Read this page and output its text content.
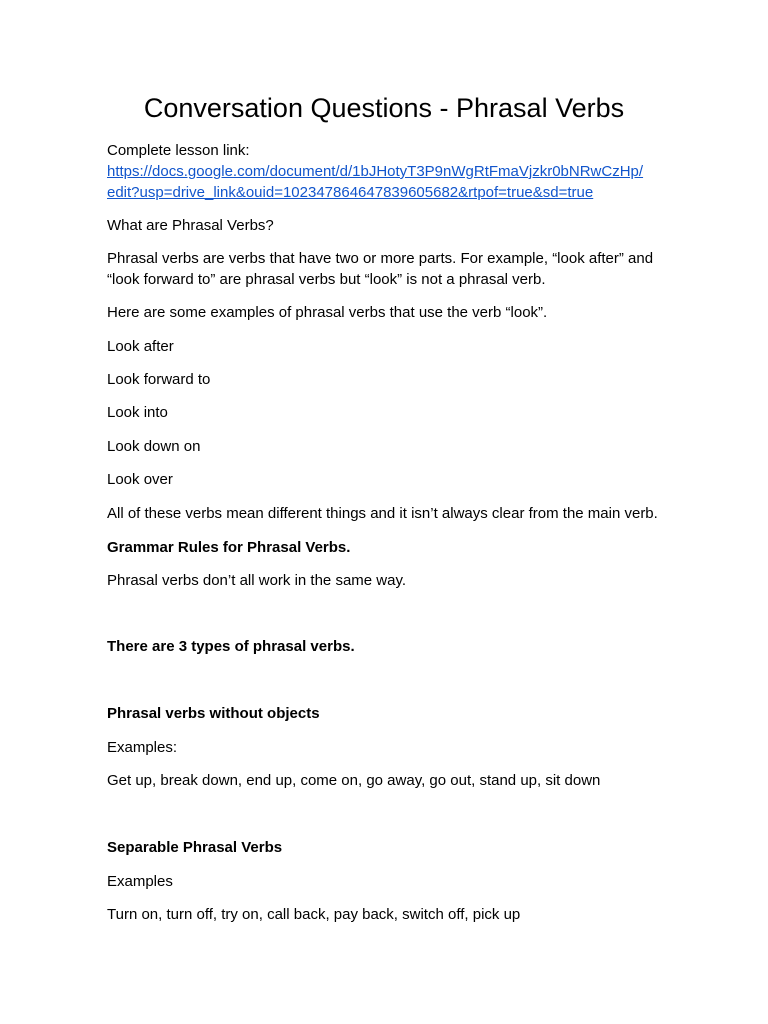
Conversation Questions - Phrasal Verbs

Complete lesson link:
https://docs.google.com/document/d/1bJHotyT3P9nWgRtFmaVjzkr0bNRwCzHp/
edit?usp=drive_link&ouid=102347864647839605682&rtpof=true&sd=true

What are Phrasal Verbs?

Phrasal verbs are verbs that have two or more parts. For example, “look after” and
“look forward to” are phrasal verbs but “look” is not a phrasal verb.

Here are some examples of phrasal verbs that use the verb “look”.

Look after

Look forward to

Look into

Look down on

Look over

All of these verbs mean different things and it isn’t always clear from the main verb.

Grammar Rules for Phrasal Verbs.

Phrasal verbs don’t all work in the same way.

There are 3 types of phrasal verbs.

Phrasal verbs without objects

Examples:

Get up, break down, end up, come on, go away, go out, stand up, sit down

Separable Phrasal Verbs

Examples

Turn on, turn off, try on, call back, pay back, switch off, pick up
